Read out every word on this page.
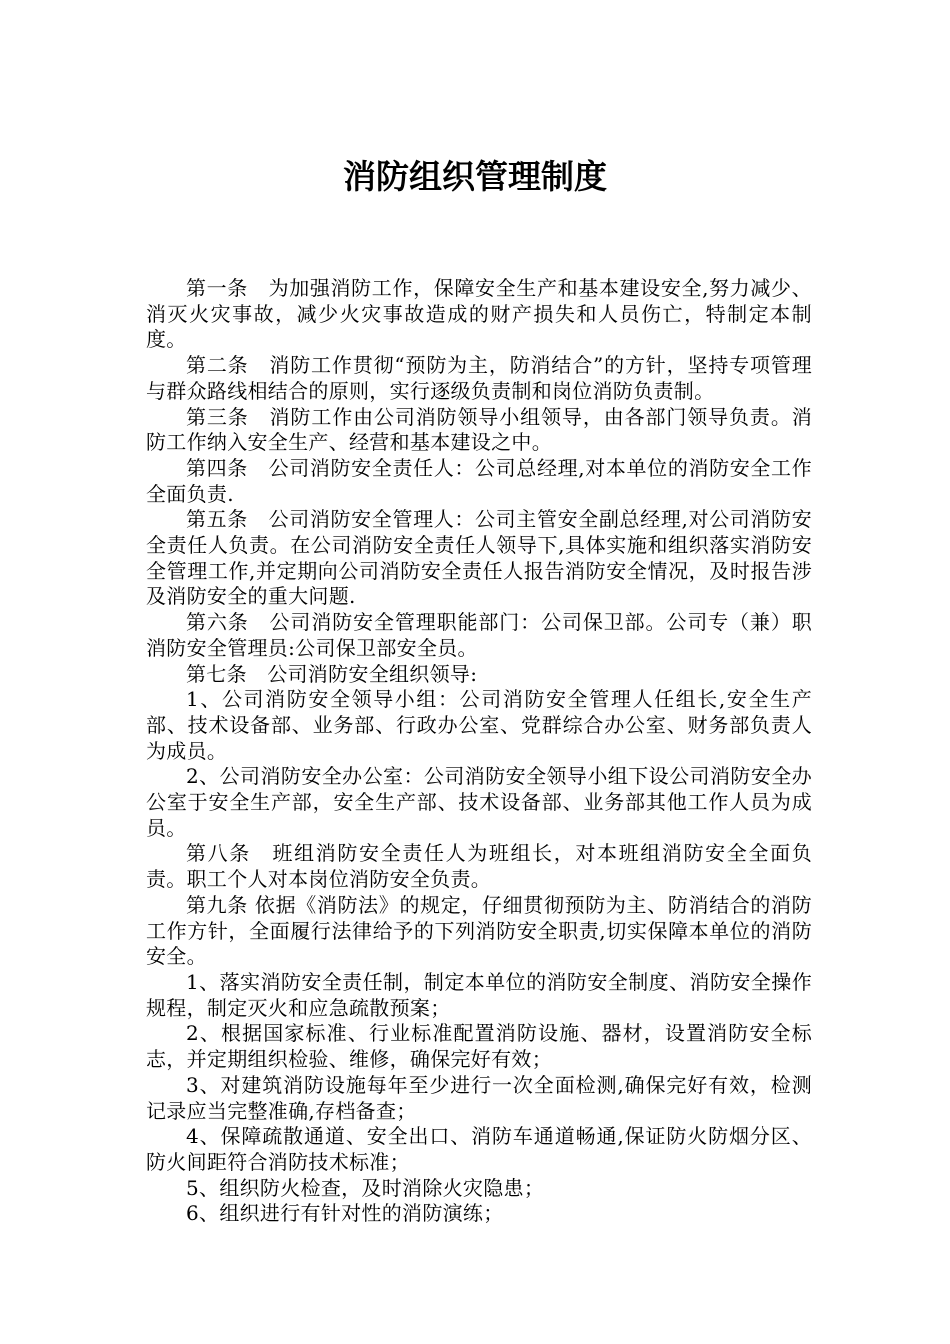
消防组织管理制度

第一条　为加强消防工作，保障安全生产和基本建设安全,努力减少、消灭火灾事故，减少火灾事故造成的财产损失和人员伤亡，特制定本制度。

第二条　消防工作贯彻“预防为主，防消结合”的方针，坚持专项管理与群众路线相结合的原则，实行逐级负责制和岗位消防负责制。

第三条　消防工作由公司消防领导小组领导，由各部门领导负责。消防工作纳入安全生产、经营和基本建设之中。

第四条　公司消防安全责任人：公司总经理,对本单位的消防安全工作全面负责.

第五条　公司消防安全管理人：公司主管安全副总经理,对公司消防安全责任人负责。在公司消防安全责任人领导下,具体实施和组织落实消防安全管理工作,并定期向公司消防安全责任人报告消防安全情况，及时报告涉及消防安全的重大问题.

第六条　公司消防安全管理职能部门：公司保卫部。公司专（兼）职消防安全管理员:公司保卫部安全员。

第七条　公司消防安全组织领导:

1、公司消防安全领导小组：公司消防安全管理人任组长,安全生产部、技术设备部、业务部、行政办公室、党群综合办公室、财务部负责人为成员。

2、公司消防安全办公室：公司消防安全领导小组下设公司消防安全办公室于安全生产部，安全生产部、技术设备部、业务部其他工作人员为成员。

第八条　班组消防安全责任人为班组长，对本班组消防安全全面负责。职工个人对本岗位消防安全负责。

第九条 依据《消防法》的规定，仔细贯彻预防为主、防消结合的消防工作方针，全面履行法律给予的下列消防安全职责,切实保障本单位的消防安全。

1、落实消防安全责任制，制定本单位的消防安全制度、消防安全操作规程，制定灭火和应急疏散预案；

2、根据国家标准、行业标准配置消防设施、器材，设置消防安全标志，并定期组织检验、维修，确保完好有效；

3、对建筑消防设施每年至少进行一次全面检测,确保完好有效，检测记录应当完整准确,存档备查；

4、保障疏散通道、安全出口、消防车通道畅通,保证防火防烟分区、防火间距符合消防技术标准；

5、组织防火检查，及时消除火灾隐患；

6、组织进行有针对性的消防演练；
